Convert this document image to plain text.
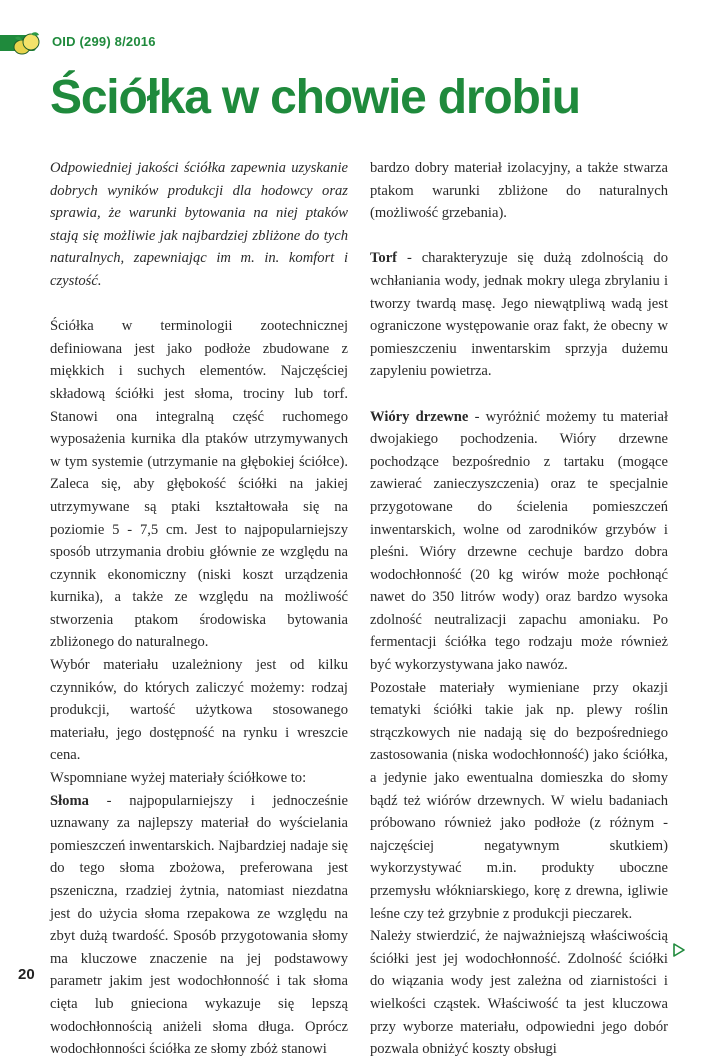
OID (299) 8/2016
Ściółka w chowie drobiu

Odpowiedniej jakości ściółka zapewnia uzyskanie dobrych wyników produkcji dla hodowcy oraz sprawia, że warunki bytowania na niej ptaków stają się możliwie jak najbardziej zbliżone do tych naturalnych, zapewniając im m. in. komfort i czystość.

Ściółka w terminologii zootechnicznej definiowana jest jako podłoże zbudowane z miękkich i suchych elementów. Najczęściej składową ściółki jest słoma, trociny lub torf. Stanowi ona integralną część ruchomego wyposażenia kurnika dla ptaków utrzymywanych w tym systemie (utrzymanie na głębokiej ściółce). Zaleca się, aby głębokość ściółki na jakiej utrzymywane są ptaki kształtowała się na poziomie 5 - 7,5 cm. Jest to najpopularniejszy sposób utrzymania drobiu głównie ze względu na czynnik ekonomiczny (niski koszt urządzenia kurnika), a także ze względu na możliwość stworzenia ptakom środowiska bytowania zbliżonego do naturalnego.

Wybór materiału uzależniony jest od kilku czynników, do których zaliczyć możemy: rodzaj produkcji, wartość użytkowa stosowanego materiału, jego dostępność na rynku i wreszcie cena.

Wspomniane wyżej materiały ściółkowe to:

Słoma - najpopularniejszy i jednocześnie uznawany za najlepszy materiał do wyścielania pomieszczeń inwentarskich. Najbardziej nadaje się do tego słoma zbożowa, preferowana jest pszeniczna, rzadziej żytnia, natomiast niezdatna jest do użycia słoma rzepakowa ze względu na zbyt dużą twardość. Sposób przygotowania słomy ma kluczowe znaczenie na jej podstawowy parametr jakim jest wodochłonność i tak słoma cięta lub gnieciona wykazuje się lepszą wodochłonnością aniżeli słoma długa. Oprócz wodochłonności ściółka ze słomy zbóż stanowi

bardzo dobry materiał izolacyjny, a także stwarza ptakom warunki zbliżone do naturalnych (możliwość grzebania).

Torf - charakteryzuje się dużą zdolnością do wchłaniania wody, jednak mokry ulega zbrylaniu i tworzy twardą masę. Jego niewątpliwą wadą jest ograniczone występowanie oraz fakt, że obecny w pomieszczeniu inwentarskim sprzyja dużemu zapyleniu powietrza.

Wióry drzewne - wyróżnić możemy tu materiał dwojakiego pochodzenia. Wióry drzewne pochodzące bezpośrednio z tartaku (mogące zawierać zanieczyszczenia) oraz te specjalnie przygotowane do ścielenia pomieszczeń inwentarskich, wolne od zarodników grzybów i pleśni. Wióry drzewne cechuje bardzo dobra wodochłonność (20 kg wirów może pochłonąć nawet do 350 litrów wody) oraz bardzo wysoka zdolność neutralizacji zapachu amoniaku. Po fermentacji ściółka tego rodzaju może również być wykorzystywana jako nawóz.

Pozostałe materiały wymieniane przy okazji tematyki ściółki takie jak np. plewy roślin strączkowych nie nadają się do bezpośredniego zastosowania (niska wodochłonność) jako ściółka, a jedynie jako ewentualna domieszka do słomy bądź też wiórów drzewnych. W wielu badaniach próbowano również jako podłoże (z różnym - najczęściej negatywnym skutkiem) wykorzystywać m.in. produkty uboczne przemysłu włókniarskiego, korę z drewna, igliwie leśne czy też grzybnie z produkcji pieczarek.

Należy stwierdzić, że najważniejszą właściwością ściółki jest jej wodochłonność. Zdolność ściółki do wiązania wody jest zależna od ziarnistości i wielkości cząstek. Właściwość ta jest kluczowa przy wyborze materiału, odpowiedni jego dobór pozwala obniżyć koszty obsługi

20
